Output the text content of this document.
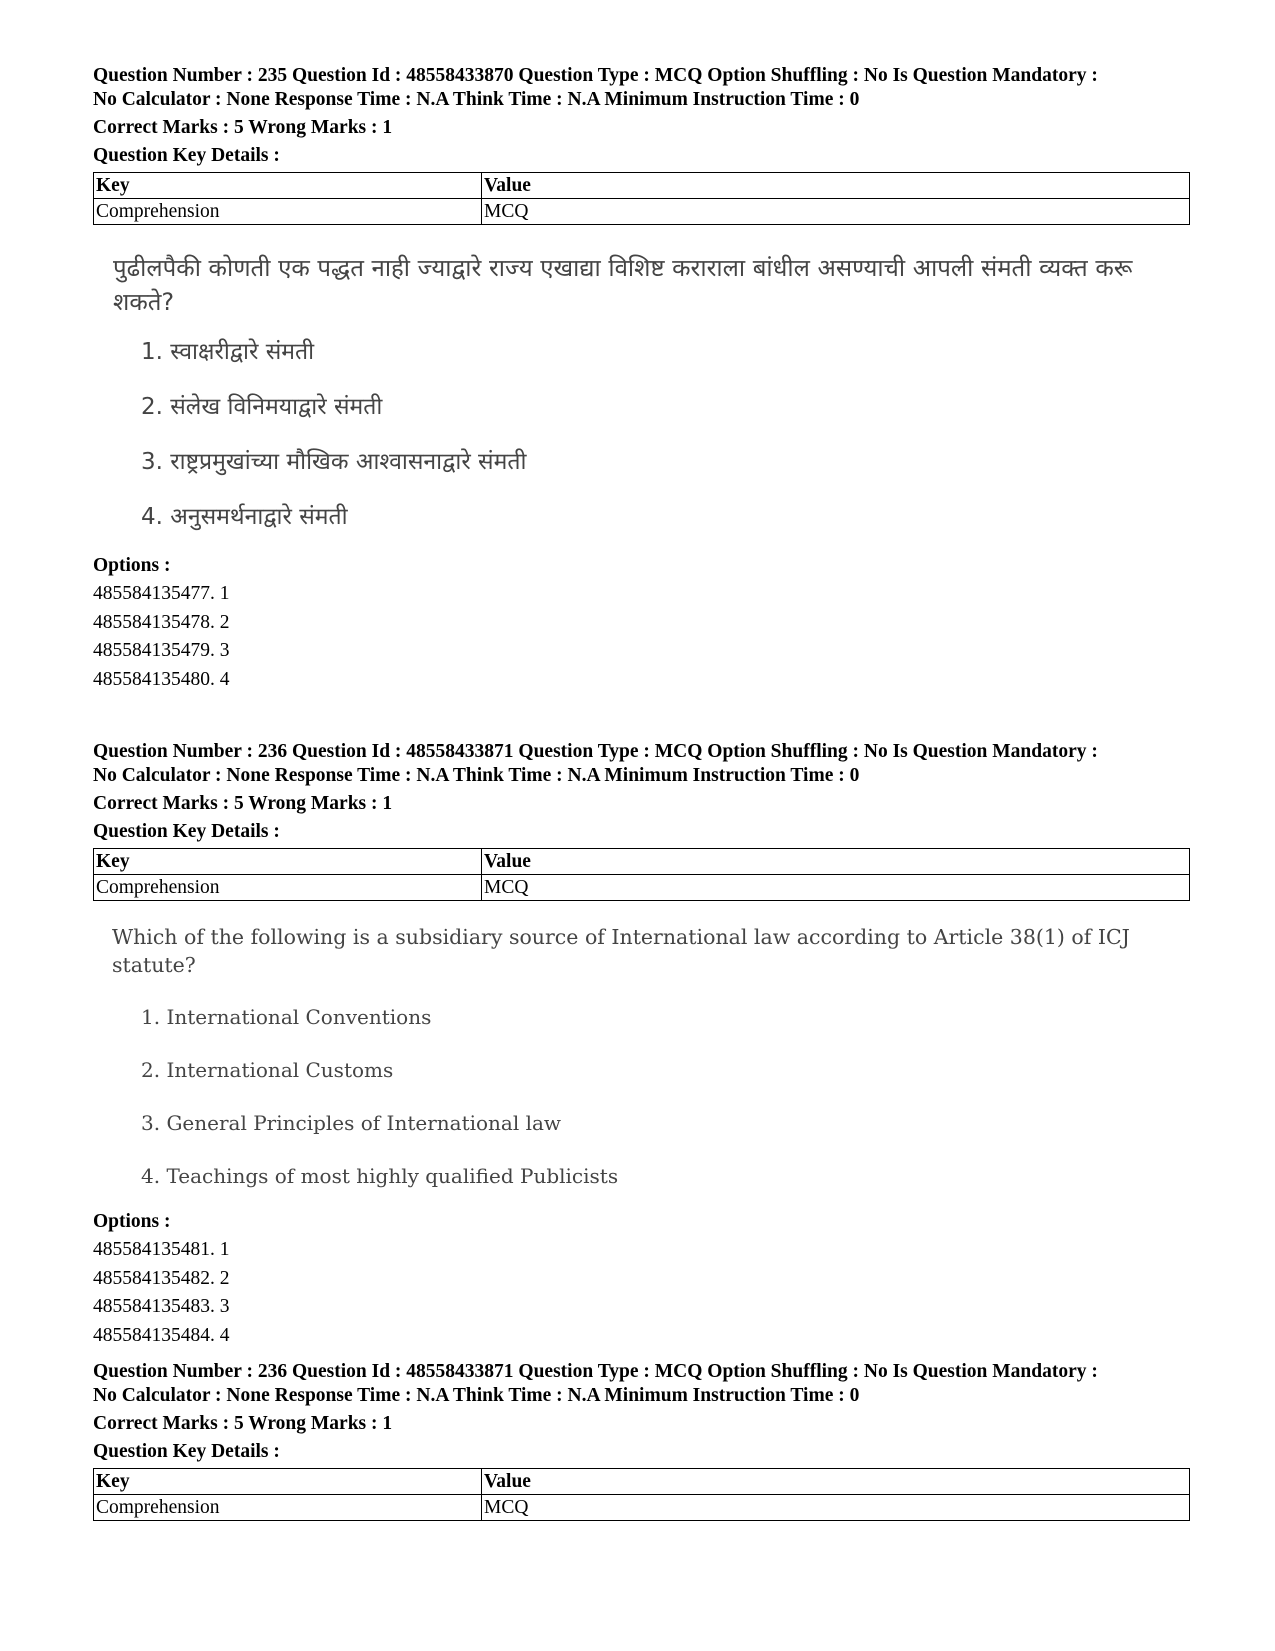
Question Number : 235 Question Id : 48558433870 Question Type : MCQ Option Shuffling : No Is Question Mandatory :
No Calculator : None Response Time : N.A Think Time : N.A Minimum Instruction Time : 0
Correct Marks : 5 Wrong Marks : 1
Question Key Details :
Key	Value
Comprehension	MCQ
पुढीलपैकी कोणती एक पद्धत नाही ज्याद्वारे राज्य एखाद्या विशिष्ट कराराला बांधील असण्याची आपली संमती व्यक्त करू शकते?
1. स्वाक्षरीद्वारे संमती
2. संलेख विनिमयाद्वारे संमती
3. राष्ट्रप्रमुखांच्या मौखिक आश्वासनाद्वारे संमती
4. अनुसमर्थनाद्वारे संमती
Options :
485584135477. 1
485584135478. 2
485584135479. 3
485584135480. 4
Question Number : 236 Question Id : 48558433871 Question Type : MCQ Option Shuffling : No Is Question Mandatory :
No Calculator : None Response Time : N.A Think Time : N.A Minimum Instruction Time : 0
Correct Marks : 5 Wrong Marks : 1
Question Key Details :
Key	Value
Comprehension	MCQ
Which of the following is a subsidiary source of International law according to Article 38(1) of ICJ statute?
1. International Conventions
2. International Customs
3. General Principles of International law
4. Teachings of most highly qualified Publicists
Options :
485584135481. 1
485584135482. 2
485584135483. 3
485584135484. 4
Question Number : 236 Question Id : 48558433871 Question Type : MCQ Option Shuffling : No Is Question Mandatory :
No Calculator : None Response Time : N.A Think Time : N.A Minimum Instruction Time : 0
Correct Marks : 5 Wrong Marks : 1
Question Key Details :
Key	Value
Comprehension	MCQ
